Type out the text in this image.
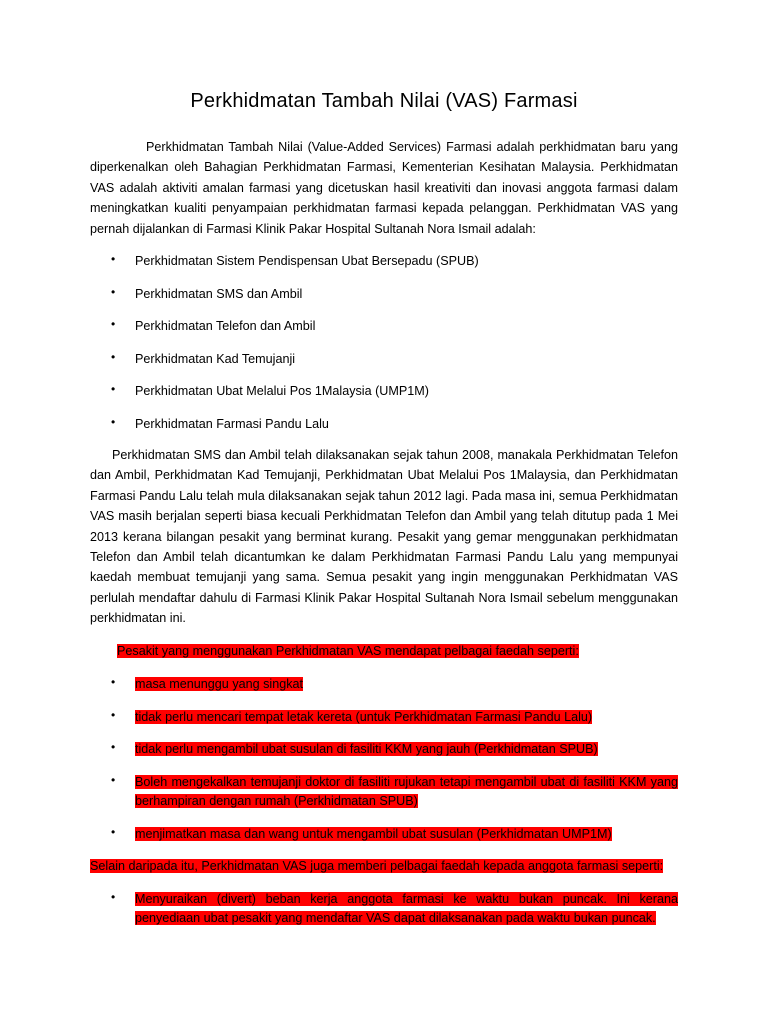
Perkhidmatan Tambah Nilai (VAS) Farmasi

Perkhidmatan Tambah Nilai (Value-Added Services) Farmasi adalah perkhidmatan baru yang diperkenalkan oleh Bahagian Perkhidmatan Farmasi, Kementerian Kesihatan Malaysia. Perkhidmatan VAS adalah aktiviti amalan farmasi yang dicetuskan hasil kreativiti dan inovasi anggota farmasi dalam meningkatkan kualiti penyampaian perkhidmatan farmasi kepada pelanggan. Perkhidmatan VAS yang pernah dijalankan di Farmasi Klinik Pakar Hospital Sultanah Nora Ismail adalah:

• Perkhidmatan Sistem Pendispensan Ubat Bersepadu (SPUB)
• Perkhidmatan SMS dan Ambil
• Perkhidmatan Telefon dan Ambil
• Perkhidmatan Kad Temujanji
• Perkhidmatan Ubat Melalui Pos 1Malaysia (UMP1M)
• Perkhidmatan Farmasi Pandu Lalu

Perkhidmatan SMS dan Ambil telah dilaksanakan sejak tahun 2008, manakala Perkhidmatan Telefon dan Ambil, Perkhidmatan Kad Temujanji, Perkhidmatan Ubat Melalui Pos 1Malaysia, dan Perkhidmatan Farmasi Pandu Lalu telah mula dilaksanakan sejak tahun 2012 lagi. Pada masa ini, semua Perkhidmatan VAS masih berjalan seperti biasa kecuali Perkhidmatan Telefon dan Ambil yang telah ditutup pada 1 Mei 2013 kerana bilangan pesakit yang berminat kurang. Pesakit yang gemar menggunakan perkhidmatan Telefon dan Ambil telah dicantumkan ke dalam Perkhidmatan Farmasi Pandu Lalu yang mempunyai kaedah membuat temujanji yang sama. Semua pesakit yang ingin menggunakan Perkhidmatan VAS perlulah mendaftar dahulu di Farmasi Klinik Pakar Hospital Sultanah Nora Ismail sebelum menggunakan perkhidmatan ini.

Pesakit yang menggunakan Perkhidmatan VAS mendapat pelbagai faedah seperti:
• masa menunggu yang singkat
• tidak perlu mencari tempat letak kereta (untuk Perkhidmatan Farmasi Pandu Lalu)
• tidak perlu mengambil ubat susulan di fasiliti KKM yang jauh (Perkhidmatan SPUB)
• Boleh mengekalkan temujanji doktor di fasiliti rujukan tetapi mengambil ubat di fasiliti KKM yang berhampiran dengan rumah (Perkhidmatan SPUB)
• menjimatkan masa dan wang untuk mengambil ubat susulan (Perkhidmatan UMP1M)
Selain daripada itu, Perkhidmatan VAS juga memberi pelbagai faedah kepada anggota farmasi seperti:
• Menyuraikan (divert) beban kerja anggota farmasi ke waktu bukan puncak. Ini kerana penyediaan ubat pesakit yang mendaftar VAS dapat dilaksanakan pada waktu bukan puncak.
